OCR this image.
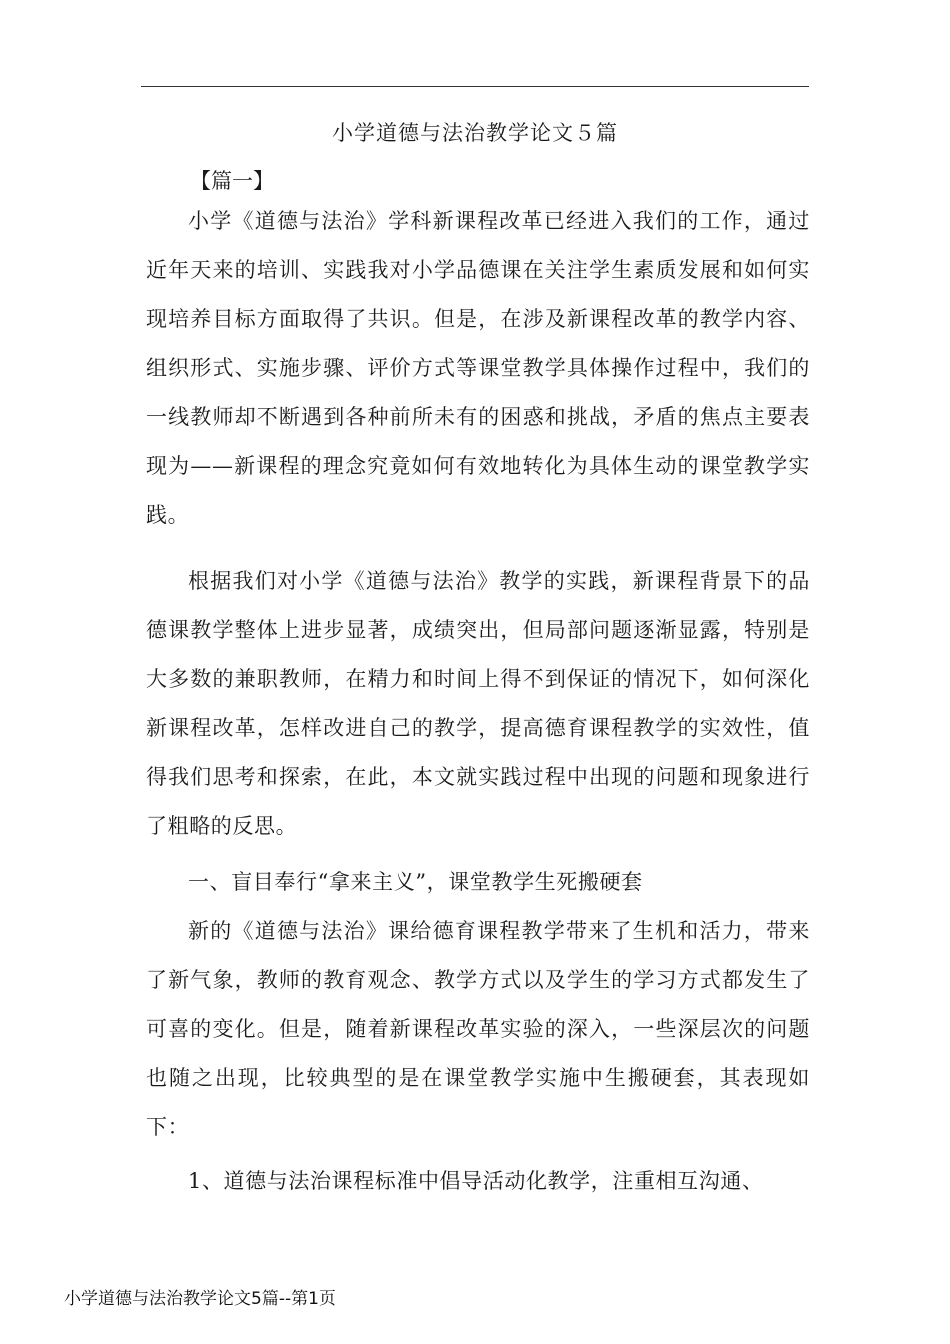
小学道德与法治教学论文５篇
【篇一】

小学《道德与法治》学科新课程改革已经进入我们的工作，通过近年天来的培训、实践我对小学品德课在关注学生素质发展和如何实现培养目标方面取得了共识。但是，在涉及新课程改革的教学内容、组织形式、实施步骤、评价方式等课堂教学具体操作过程中，我们的一线教师却不断遇到各种前所未有的困惑和挑战，矛盾的焦点主要表现为——新课程的理念究竟如何有效地转化为具体生动的课堂教学实践。

根据我们对小学《道德与法治》教学的实践，新课程背景下的品德课教学整体上进步显著，成绩突出，但局部问题逐渐显露，特别是大多数的兼职教师，在精力和时间上得不到保证的情况下，如何深化新课程改革，怎样改进自己的教学，提高德育课程教学的实效性，值得我们思考和探索，在此，本文就实践过程中出现的问题和现象进行了粗略的反思。

一、盲目奉行“拿来主义”，课堂教学生死搬硬套

新的《道德与法治》课给德育课程教学带来了生机和活力，带来了新气象，教师的教育观念、教学方式以及学生的学习方式都发生了可喜的变化。但是，随着新课程改革实验的深入，一些深层次的问题也随之出现，比较典型的是在课堂教学实施中生搬硬套，其表现如下：

1、道德与法治课程标准中倡导活动化教学，注重相互沟通、

小学道德与法治教学论文5篇--第1页
